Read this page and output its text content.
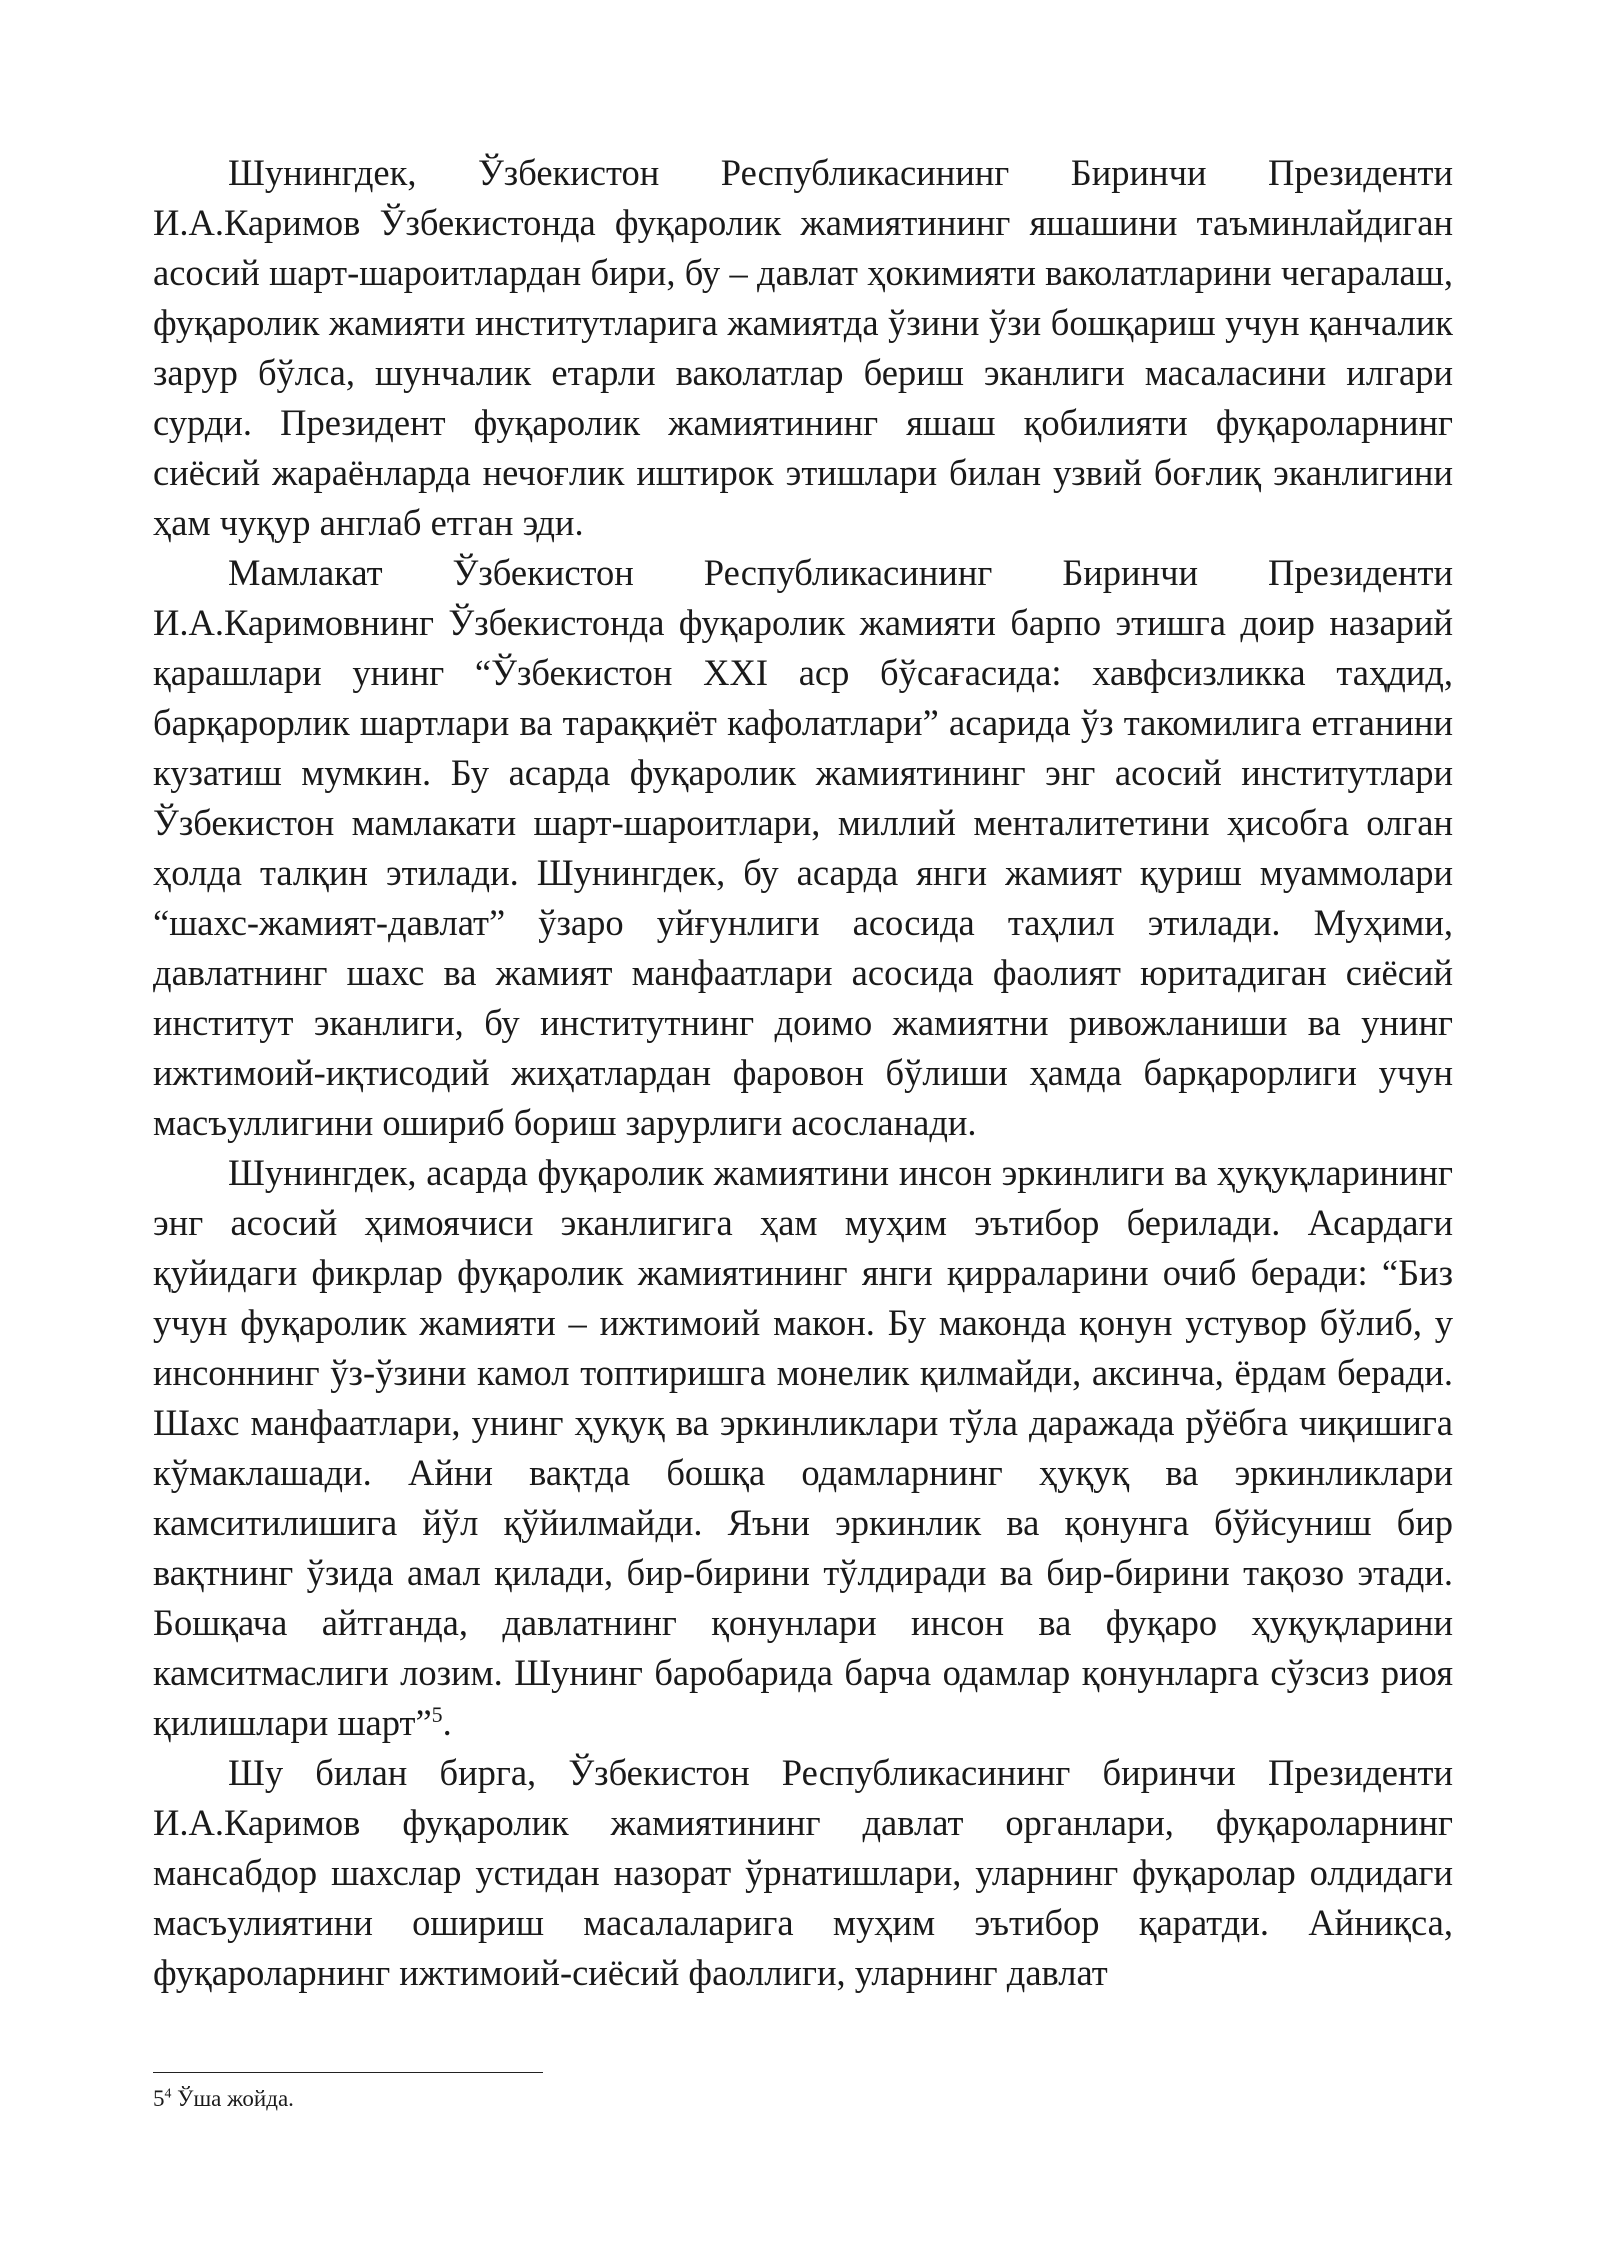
Шунингдек, Ўзбекистон Республикасининг Биринчи Президенти И.А.Каримов Ўзбекистонда фуқаролик жамиятининг яшашини таъминлайдиган асосий шарт-шароитлардан бири, бу – давлат ҳокимияти ваколатларини чегаралаш, фуқаролик жамияти институтларига жамиятда ўзини ўзи бошқариш учун қанчалик зарур бўлса, шунчалик етарли ваколатлар бериш эканлиги масаласини илгари сурди. Президент фуқаролик жамиятининг яшаш қобилияти фуқароларнинг сиёсий жараёнларда нечоғлик иштирок этишлари билан узвий боғлиқ эканлигини ҳам чуқур англаб етган эди.

Мамлакат Ўзбекистон Республикасининг Биринчи Президенти И.А.Каримовнинг Ўзбекистонда фуқаролик жамияти барпо этишга доир назарий қарашлари унинг “Ўзбекистон XXI аср бўсағасида: хавфсизликка таҳдид, барқарорлик шартлари ва тараққиёт кафолатлари” асарида ўз такомилига етганини кузатиш мумкин. Бу асарда фуқаролик жамиятининг энг асосий институтлари Ўзбекистон мамлакати шарт-шароитлари, миллий менталитетини ҳисобга олган ҳолда талқин этилади. Шунингдек, бу асарда янги жамият қуриш муаммолари “шахс-жамият-давлат” ўзаро уйғунлиги асосида таҳлил этилади. Муҳими, давлатнинг шахс ва жамият манфаатлари асосида фаолият юритадиган сиёсий институт эканлиги, бу институтнинг доимо жамиятни ривожланиши ва унинг ижтимоий-иқтисодий жиҳатлардан фаровон бўлиши ҳамда барқарорлиги учун масъуллигини ошириб бориш зарурлиги асосланади.

Шунингдек, асарда фуқаролик жамиятини инсон эркинлиги ва ҳуқуқларининг энг асосий ҳимоячиси эканлигига ҳам муҳим эътибор берилади. Асардаги қуйидаги фикрлар фуқаролик жамиятининг янги қирраларини очиб беради: “Биз учун фуқаролик жамияти – ижтимоий макон. Бу маконда қонун устувор бўлиб, у инсоннинг ўз-ўзини камол топтиришга монелик қилмайди, аксинча, ёрдам беради. Шахс манфаатлари, унинг ҳуқуқ ва эркинликлари тўла даражада рўёбга чиқишига кўмаклашади. Айни вақтда бошқа одамларнинг ҳуқуқ ва эркинликлари камситилишига йўл қўйилмайди. Яъни эркинлик ва қонунга бўйсуниш бир вақтнинг ўзида амал қилади, бир-бирини тўлдиради ва бир-бирини тақозо этади. Бошқача айтганда, давлатнинг қонунлари инсон ва фуқаро ҳуқуқларини камситмаслиги лозим. Шунинг баробарида барча одамлар қонунларга сўзсиз риоя қилишлари шарт”$^5$.

Шу билан бирга, Ўзбекистон Республикасининг биринчи Президенти И.А.Каримов фуқаролик жамиятининг давлат органлари, фуқароларнинг мансабдор шахслар устидан назорат ўрнатишлари, уларнинг фуқаролар олдидаги масъулиятини ошириш масалаларига муҳим эътибор қаратди. Айниқса, фуқароларнинг ижтимоий-сиёсий фаоллиги, уларнинг давлат

$5^4$ Ўша жойда.
